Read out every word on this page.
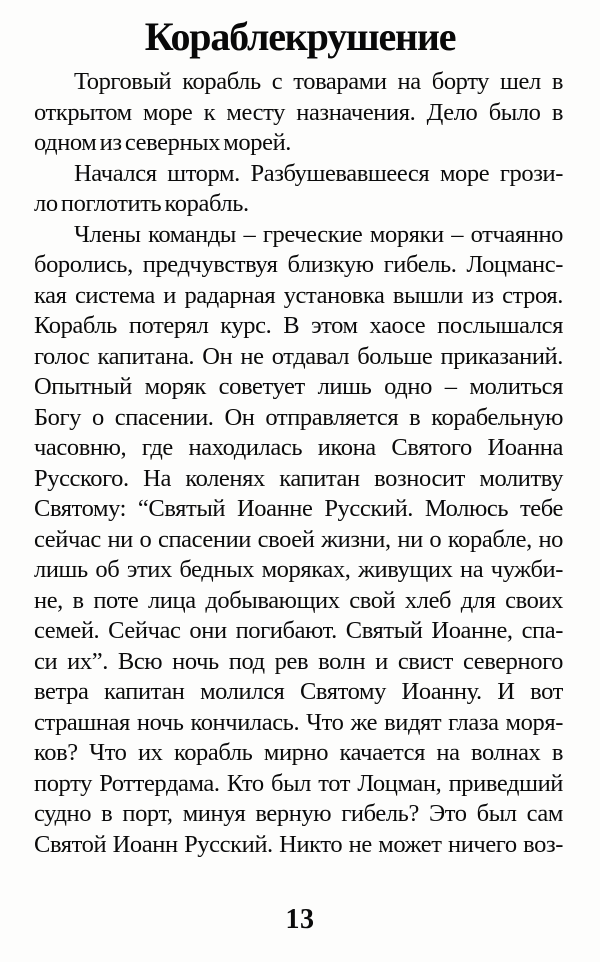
Кораблекрушение
Торговый корабль с товарами на борту шел в
открытом море к месту назначения. Дело было в
одном из северных морей.
Начался шторм. Разбушевавшееся море грози-
ло поглотить корабль.
Члены команды – греческие моряки – отчаянно
боролись, предчувствуя близкую гибель. Лоцманс-
кая система и радарная установка вышли из строя.
Корабль потерял курс. В этом хаосе послышался
голос капитана. Он не отдавал больше приказаний.
Опытный моряк советует лишь одно – молиться
Богу о спасении. Он отправляется в корабельную
часовню, где находилась икона Святого Иоанна
Русского. На коленях капитан возносит молитву
Святому: “Святый Иоанне Русский. Молюсь тебе
сейчас ни о спасении своей жизни, ни о корабле, но
лишь об этих бедных моряках, живущих на чужби-
не, в поте лица добывающих свой хлеб для своих
семей. Сейчас они погибают. Святый Иоанне, спа-
си их”. Всю ночь под рев волн и свист северного
ветра капитан молился Святому Иоанну. И вот
страшная ночь кончилась. Что же видят глаза моря-
ков? Что их корабль мирно качается на волнах в
порту Роттердама. Кто был тот Лоцман, приведший
судно в порт, минуя верную гибель? Это был сам
Святой Иоанн Русский. Никто не может ничего воз-
13
